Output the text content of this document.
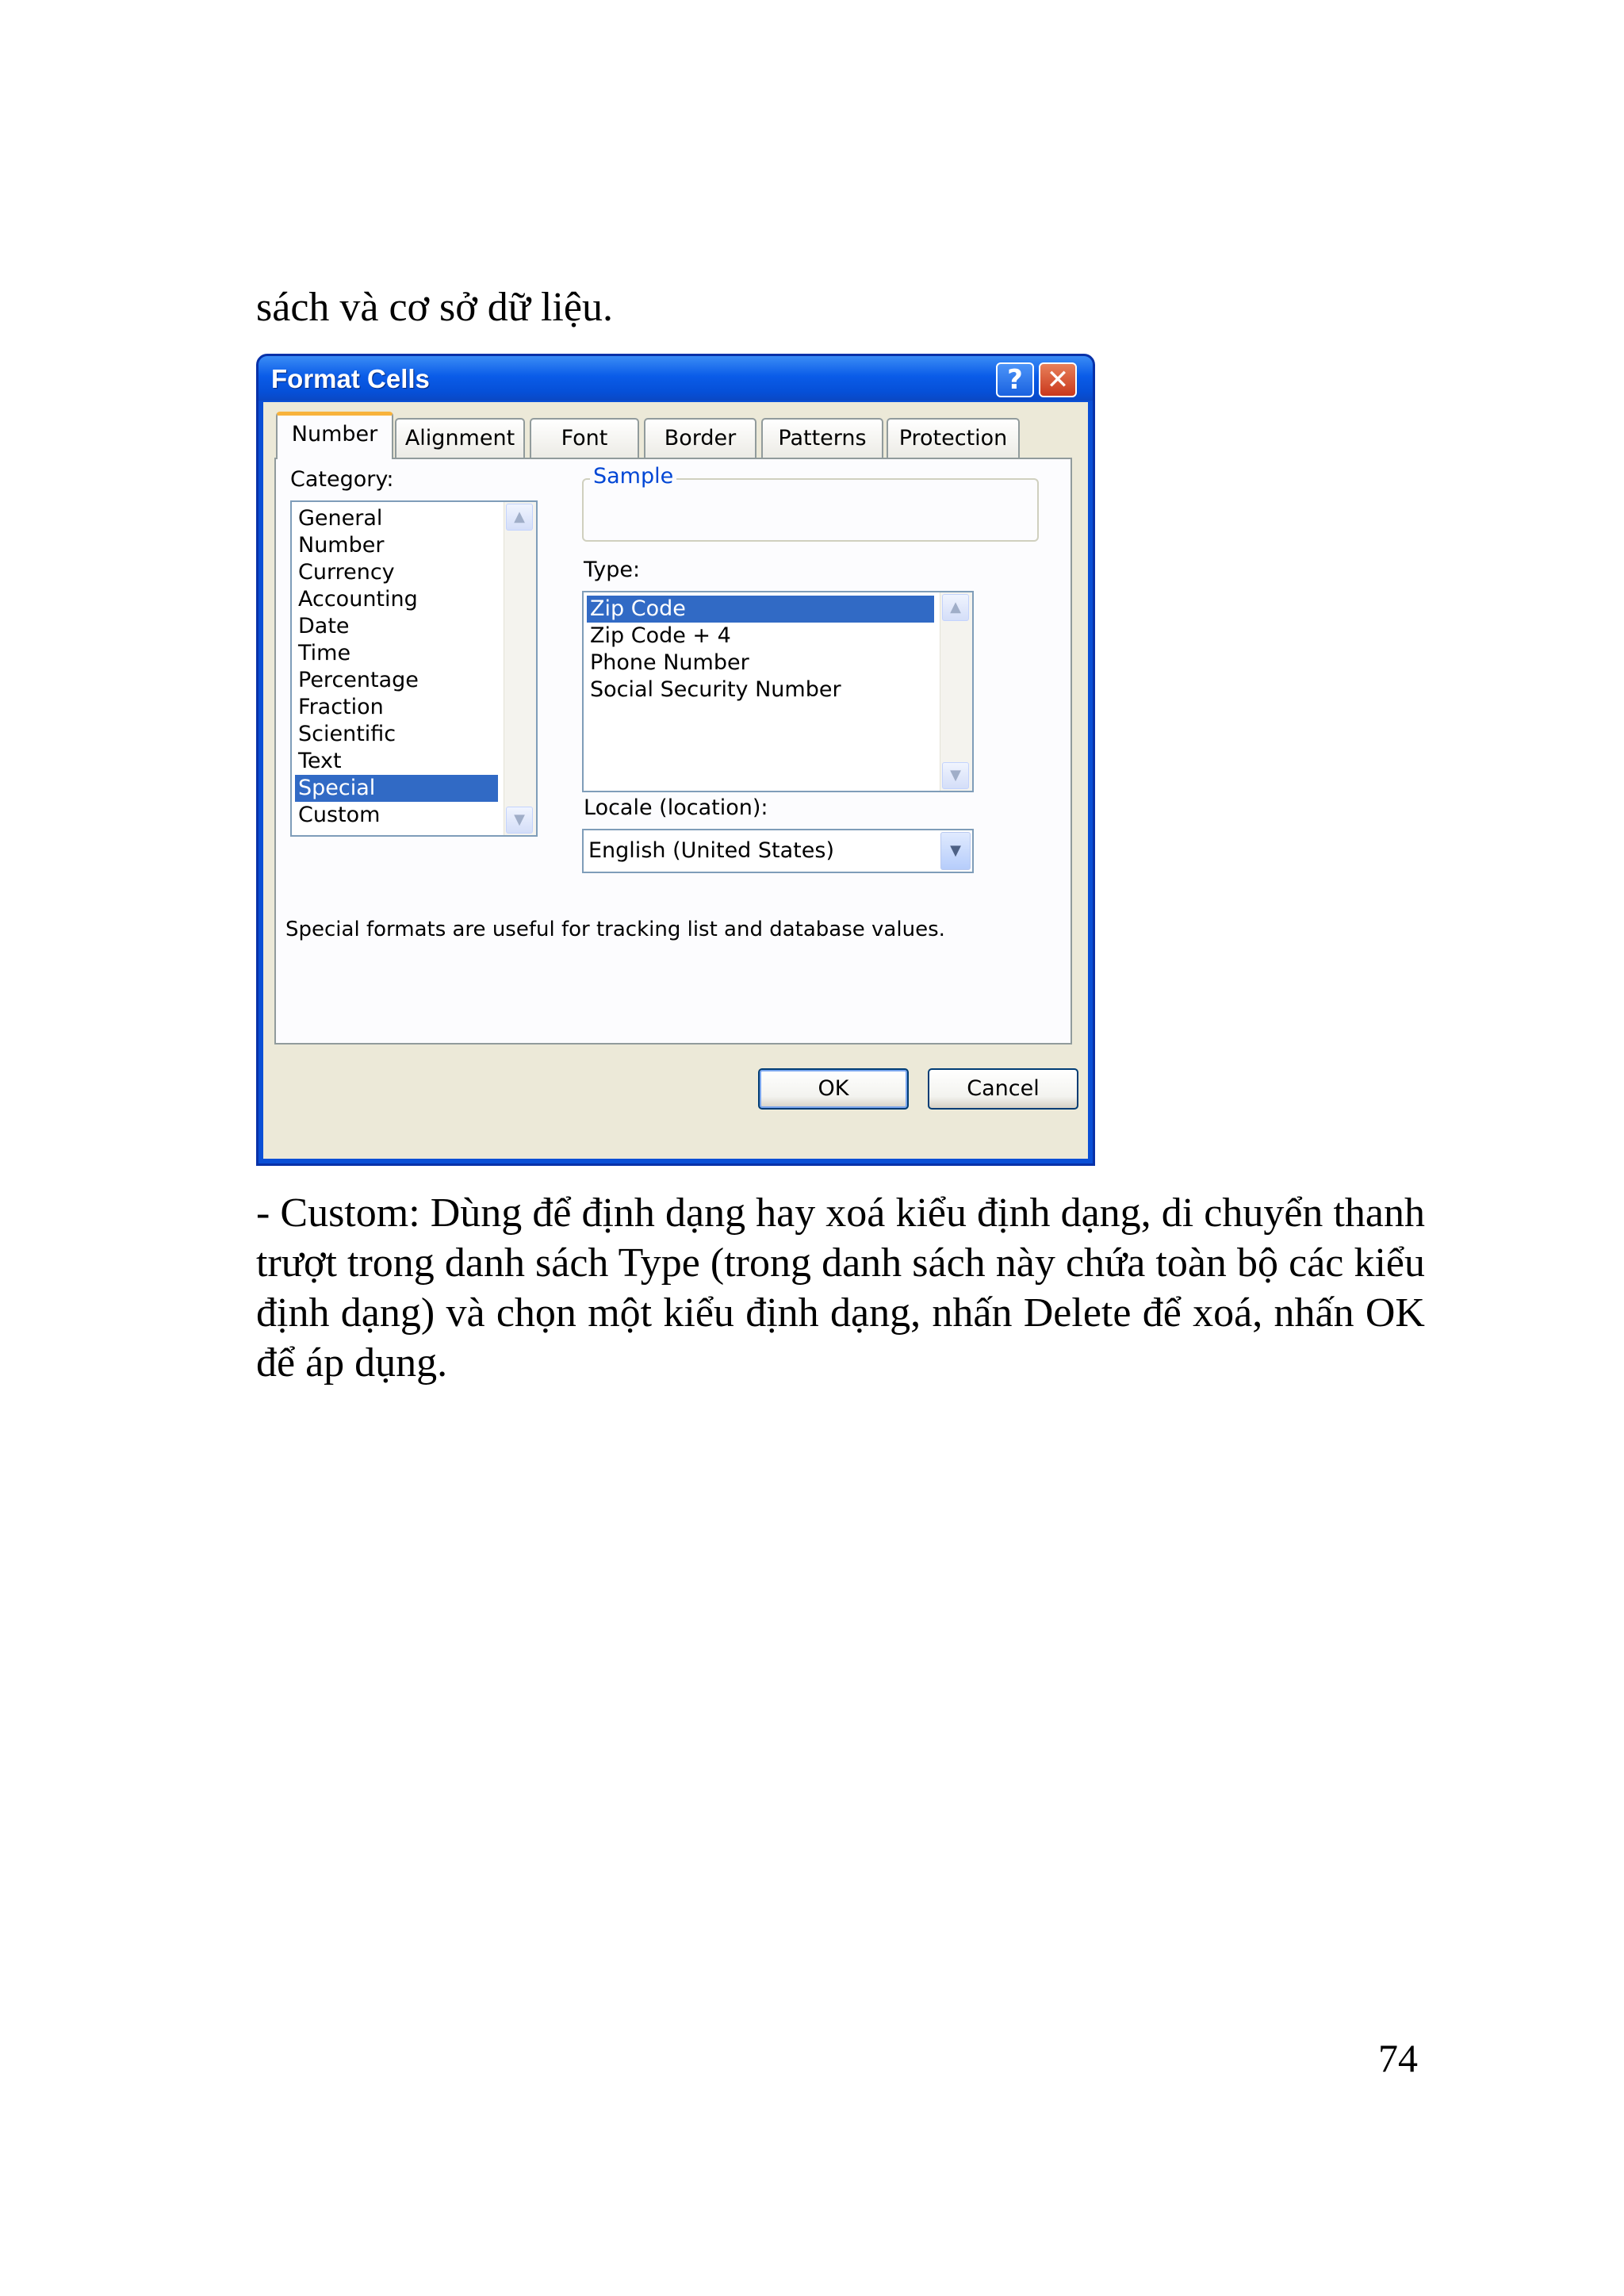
sách và cơ sở dữ liệu.
Format Cells	? ✕
Number	Alignment	Font	Border	Patterns	Protection
Category:
General
Number
Currency
Accounting
Date
Time
Percentage
Fraction
Scientific
Text
Special
Custom
▲
▼
Sample
Type:
Zip Code
Zip Code + 4
Phone Number
Social Security Number
▲
▼
Locale (location):
English (United States)	▼
Special formats are useful for tracking list and database values.
OK	Cancel
- Custom: Dùng để định dạng hay xoá kiểu định dạng, di chuyển thanh trượt trong danh sách Type (trong danh sách này chứa toàn bộ các kiểu định dạng) và chọn một kiểu định dạng, nhấn Delete để xoá, nhấn OK để áp dụng.
74
